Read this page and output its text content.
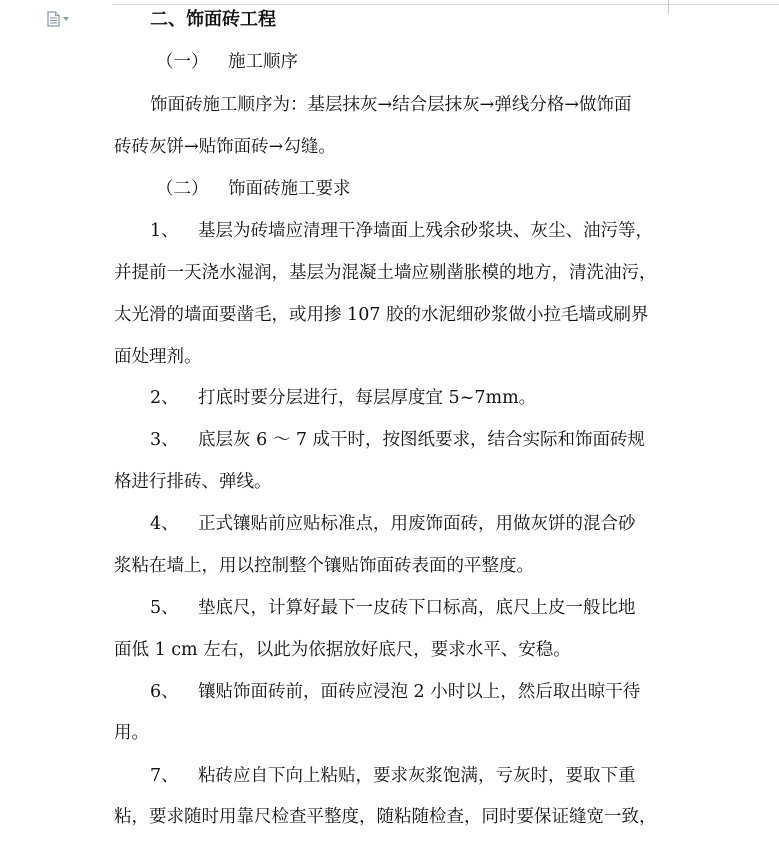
二、饰面砖工程
（一） 施工顺序
饰面砖施工顺序为：基层抹灰→结合层抹灰→弹线分格→做饰面
砖砖灰饼→贴饰面砖→勾缝。
（二） 饰面砖施工要求
1、 基层为砖墙应清理干净墙面上残余砂浆块、灰尘、油污等，
并提前一天浇水湿润，基层为混凝土墙应剔凿胀模的地方，清洗油污，
太光滑的墙面要凿毛，或用掺 107 胶的水泥细砂浆做小拉毛墙或刷界
面处理剂。
2、 打底时要分层进行，每层厚度宜 5~7mm。
3、 底层灰 6 ～ 7 成干时，按图纸要求，结合实际和饰面砖规
格进行排砖、弹线。
4、 正式镶贴前应贴标准点，用废饰面砖，用做灰饼的混合砂
浆粘在墙上，用以控制整个镶贴饰面砖表面的平整度。
5、 垫底尺，计算好最下一皮砖下口标高，底尺上皮一般比地
面低 1 cm 左右，以此为依据放好底尺，要求水平、安稳。
6、 镶贴饰面砖前，面砖应浸泡 2 小时以上，然后取出晾干待
用。
7、 粘砖应自下向上粘贴，要求灰浆饱满，亏灰时，要取下重
粘，要求随时用靠尺检查平整度，随粘随检查，同时要保证缝宽一致，
